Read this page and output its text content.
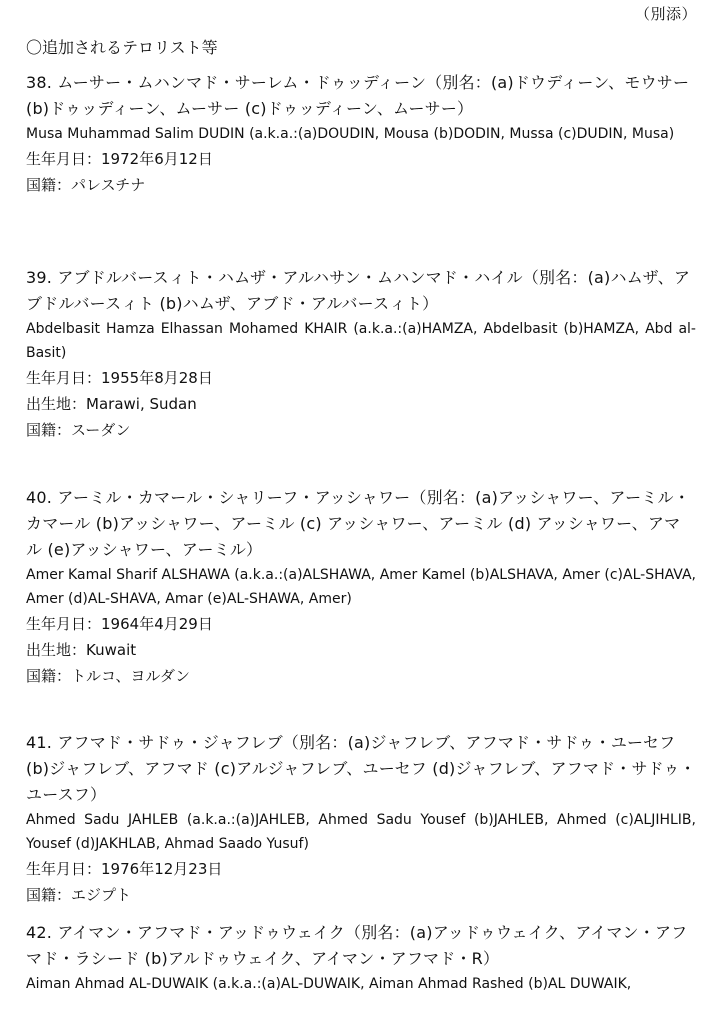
（別添）
〇追加されるテロリスト等
38. ムーサー・ムハンマド・サーレム・ドゥッディーン（別名：(a)ドウディーン、モウサー (b)ドゥッディーン、ムーサー (c)ドゥッディーン、ムーサー）
Musa Muhammad Salim DUDIN (a.k.a.:(a)DOUDIN, Mousa (b)DODIN, Mussa (c)DUDIN, Musa)
生年月日：1972年6月12日
国籍：パレスチナ
39. アブドルバースィト・ハムザ・アルハサン・ムハンマド・ハイル（別名：(a)ハムザ、アブドルバースィト (b)ハムザ、アブド・アルバースィト）
Abdelbasit Hamza Elhassan Mohamed KHAIR (a.k.a.:(a)HAMZA, Abdelbasit (b)HAMZA, Abd al-Basit)
生年月日：1955年8月28日
出生地：Marawi, Sudan
国籍：スーダン
40. アーミル・カマール・シャリーフ・アッシャワー（別名：(a)アッシャワー、アーミル・カマール (b)アッシャワー、アーミル (c) アッシャワー、アーミル (d) アッシャワー、アマル (e)アッシャワー、アーミル）
Amer Kamal Sharif ALSHAWA (a.k.a.:(a)ALSHAWA, Amer Kamel (b)ALSHAVA, Amer (c)AL-SHAVA, Amer (d)AL-SHAVA, Amar (e)AL-SHAWA, Amer)
生年月日：1964年4月29日
出生地：Kuwait
国籍：トルコ、ヨルダン
41. アフマド・サドゥ・ジャフレブ（別名：(a)ジャフレブ、アフマド・サドゥ・ユーセフ (b)ジャフレブ、アフマド (c)アルジャフレブ、ユーセフ (d)ジャフレブ、アフマド・サドゥ・ユースフ）
Ahmed Sadu JAHLEB (a.k.a.:(a)JAHLEB, Ahmed Sadu Yousef (b)JAHLEB, Ahmed (c)ALJIHLIB, Yousef (d)JAKHLAB, Ahmad Saado Yusuf)
生年月日：1976年12月23日
国籍：エジプト
42. アイマン・アフマド・アッドゥウェイク（別名：(a)アッドゥウェイク、アイマン・アフマド・ラシード (b)アルドゥウェイク、アイマン・アフマド・R）
Aiman Ahmad AL-DUWAIK (a.k.a.:(a)AL-DUWAIK, Aiman Ahmad Rashed (b)AL DUWAIK,
